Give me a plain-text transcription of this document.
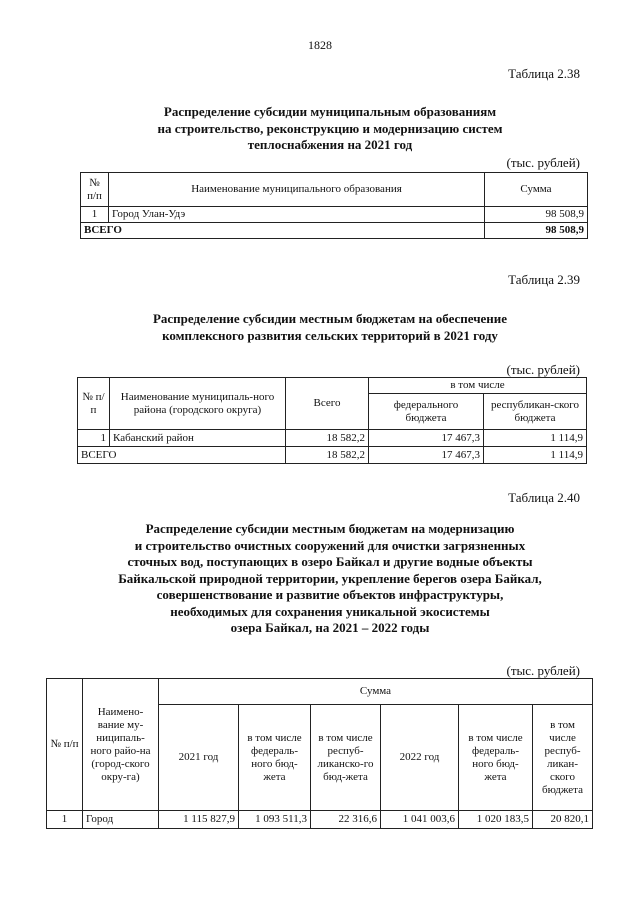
1828
Таблица 2.38
Распределение субсидии муниципальным образованиям
на строительство, реконструкцию и модернизацию систем
теплоснабжения на 2021 год
(тыс. рублей)
№ п/п	Наименование муниципального образования	Сумма
1	Город Улан-Удэ	98 508,9
ВСЕГО		98 508,9
Таблица 2.39
Распределение субсидии местным бюджетам на обеспечение
комплексного развития сельских территорий в 2021 году
(тыс. рублей)
№ п/п	Наименование муниципаль-ного района (городского округа)	Всего	в том числе	
			федерального бюджета	республикан-ского бюджета
1	Кабанский район	18 582,2	17 467,3	1 114,9
ВСЕГО		18 582,2	17 467,3	1 114,9
Таблица 2.40
Распределение субсидии местным бюджетам на модернизацию
и строительство очистных сооружений для очистки загрязненных
сточных вод, поступающих в озеро Байкал и другие водные объекты
Байкальской природной территории, укрепление берегов озера Байкал,
совершенствование и развитие объектов инфраструктуры,
необходимых для сохранения уникальной экосистемы
озера Байкал, на 2021 – 2022 годы
(тыс. рублей)
№ п/п	Наимено-вание му-ниципаль-ного райо-на (город-ского окру-га)	Сумма					
		2021 год	в том числе федераль-ного бюд-жета	в том числе респуб-ликанско-го бюд-жета	2022 год	в том числе федераль-ного бюд-жета	в том числе респуб-ликан-ского бюджета
1	Город	1 115 827,9	1 093 511,3	22 316,6	1 041 003,6	1 020 183,5	20 820,1
